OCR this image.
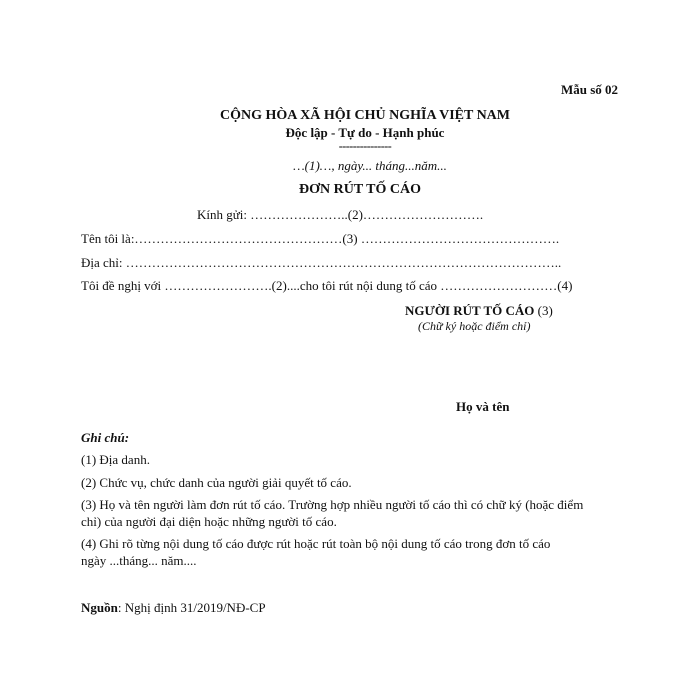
Mẫu số 02
CỘNG HÒA XÃ HỘI CHỦ NGHĨA VIỆT NAM
Độc lập - Tự do - Hạnh phúc
---------------
…(1)…, ngày... tháng...năm...
ĐƠN RÚT TỐ CÁO
Kính gửi: …………………..(2)……………………….
Tên tôi là:…………………………………………(3) ……………………………………….
Địa chỉ: ………………………………………………………………………………………..
Tôi đề nghị với …………………….(2)....cho tôi rút nội dung tố cáo ………………………(4)
NGƯỜI RÚT TỐ CÁO (3)
(Chữ ký hoặc điểm chỉ)
Họ và tên
Ghi chú:
(1) Địa danh.
(2) Chức vụ, chức danh của người giải quyết tố cáo.
(3) Họ và tên người làm đơn rút tố cáo. Trường hợp nhiều người tố cáo thì có chữ ký (hoặc điểm
chỉ) của người đại diện hoặc những người tố cáo.
(4) Ghi rõ từng nội dung tố cáo được rút hoặc rút toàn bộ nội dung tố cáo trong đơn tố cáo
ngày ...tháng... năm....
Nguồn: Nghị định 31/2019/NĐ-CP
